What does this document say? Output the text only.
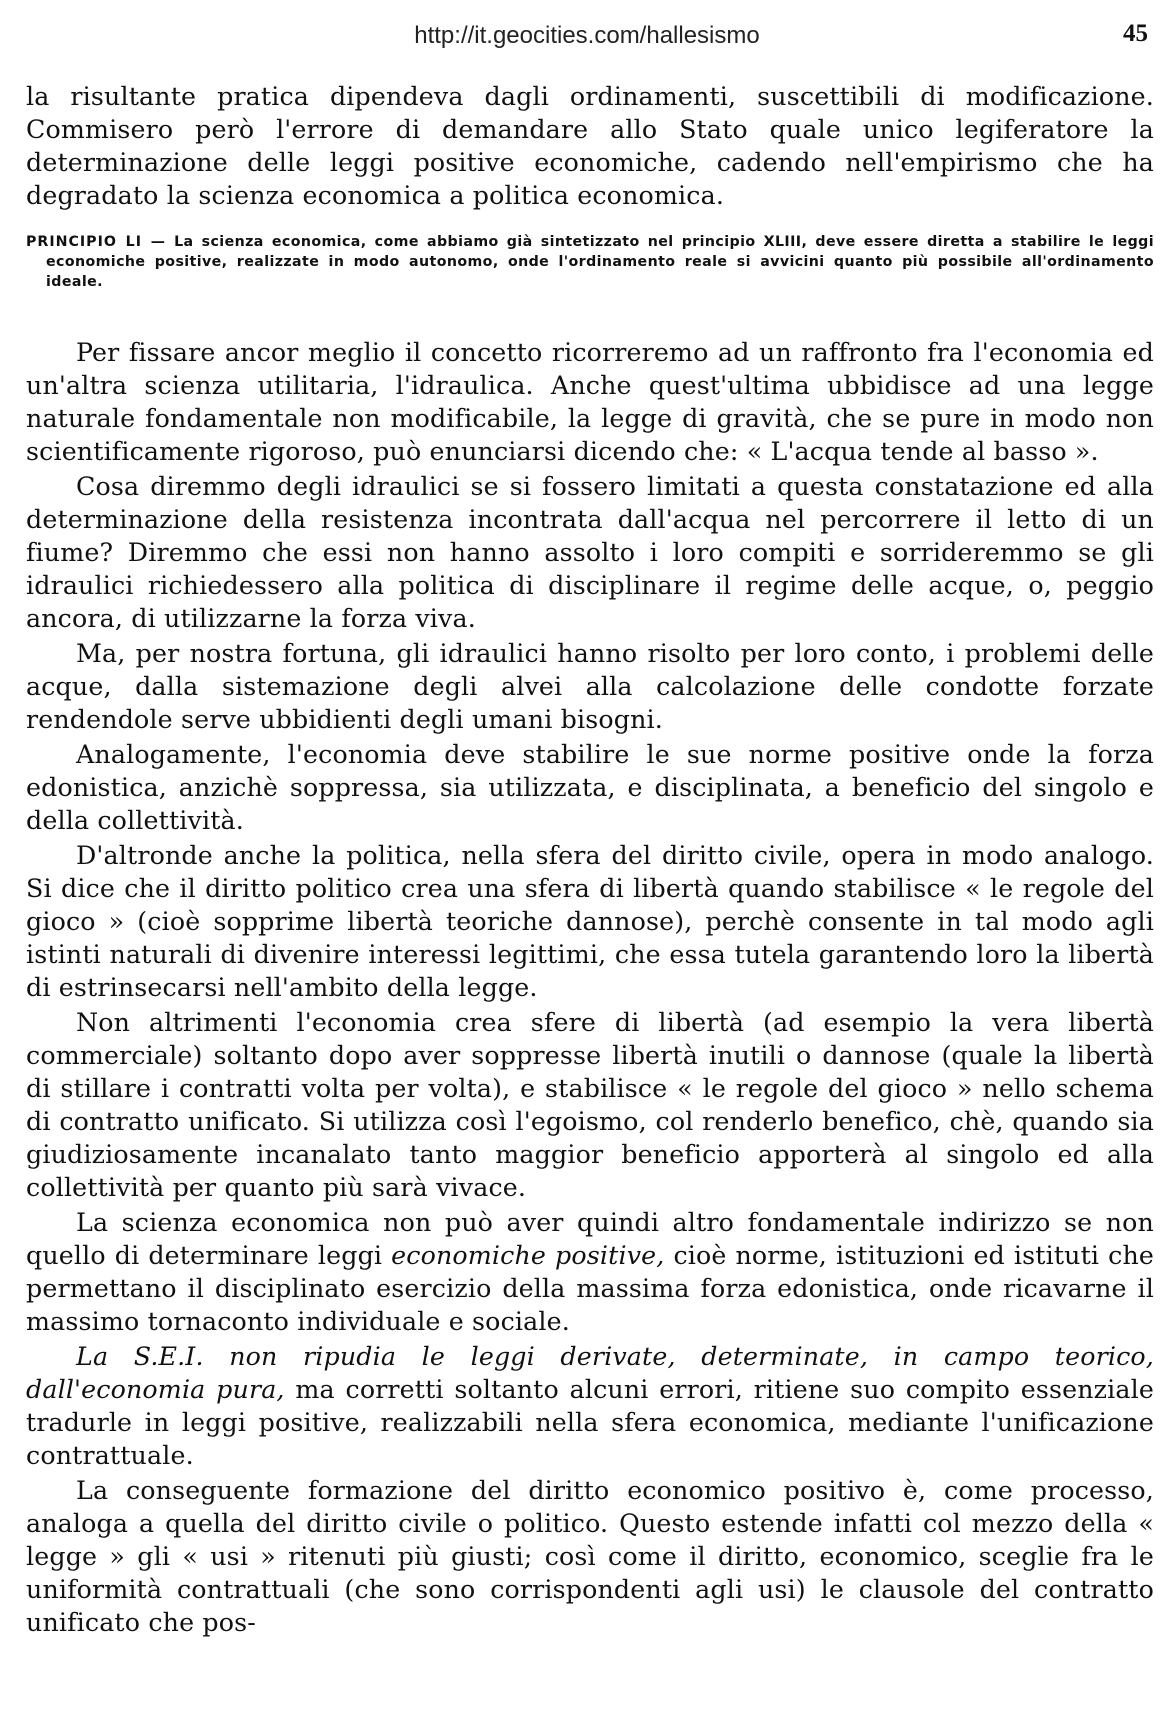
http://it.geocities.com/hallesismo	45

la risultante pratica dipendeva dagli ordinamenti, suscettibili di modificazione. Commisero però l'errore di demandare allo Stato quale unico legiferatore la determinazione delle leggi positive economiche, cadendo nell'empirismo che ha degradato la scienza economica a politica economica.

PRINCIPIO LI — La scienza economica, come abbiamo già sintetizzato nel principio XLIII, deve essere diretta a stabilire le leggi economiche positive, realizzate in modo autonomo, onde l'ordinamento reale si avvicini quanto più possibile all'ordinamento ideale.

Per fissare ancor meglio il concetto ricorreremo ad un raffronto fra l'economia ed un'altra scienza utilitaria, l'idraulica. Anche quest'ultima ubbidisce ad una legge naturale fondamentale non modificabile, la legge di gravità, che se pure in modo non scientificamente rigoroso, può enunciarsi dicendo che: « L'acqua tende al basso ».

Cosa diremmo degli idraulici se si fossero limitati a questa constatazione ed alla determinazione della resistenza incontrata dall'acqua nel percorrere il letto di un fiume? Diremmo che essi non hanno assolto i loro compiti e sorrideremmo se gli idraulici richiedessero alla politica di disciplinare il regime delle acque, o, peggio ancora, di utilizzarne la forza viva.

Ma, per nostra fortuna, gli idraulici hanno risolto per loro conto, i problemi delle acque, dalla sistemazione degli alvei alla calcolazione delle condotte forzate rendendole serve ubbidienti degli umani bisogni.

Analogamente, l'economia deve stabilire le sue norme positive onde la forza edonistica, anzichè soppressa, sia utilizzata, e disciplinata, a beneficio del singolo e della collettività.

D'altronde anche la politica, nella sfera del diritto civile, opera in modo analogo. Si dice che il diritto politico crea una sfera di libertà quando stabilisce « le regole del gioco » (cioè sopprime libertà teoriche dannose), perchè consente in tal modo agli istinti naturali di divenire interessi legittimi, che essa tutela garantendo loro la libertà di estrinsecarsi nell'ambito della legge.

Non altrimenti l'economia crea sfere di libertà (ad esempio la vera libertà commerciale) soltanto dopo aver soppresse libertà inutili o dannose (quale la libertà di stillare i contratti volta per volta), e stabilisce « le regole del gioco » nello schema di contratto unificato. Si utilizza così l'egoismo, col renderlo benefico, chè, quando sia giudiziosamente incanalato tanto maggior beneficio apporterà al singolo ed alla collettività per quanto più sarà vivace.

La scienza economica non può aver quindi altro fondamentale indirizzo se non quello di determinare leggi economiche positive, cioè norme, istituzioni ed istituti che permettano il disciplinato esercizio della massima forza edonistica, onde ricavarne il massimo tornaconto individuale e sociale.

La S.E.I. non ripudia le leggi derivate, determinate, in campo teorico, dall'economia pura, ma corretti soltanto alcuni errori, ritiene suo compito essenziale tradurle in leggi positive, realizzabili nella sfera economica, mediante l'unificazione contrattuale.

La conseguente formazione del diritto economico positivo è, come processo, analoga a quella del diritto civile o politico. Questo estende infatti col mezzo della « legge » gli « usi » ritenuti più giusti; così come il diritto, economico, sceglie fra le uniformità contrattuali (che sono corrispondenti agli usi) le clausole del contratto unificato che pos-
